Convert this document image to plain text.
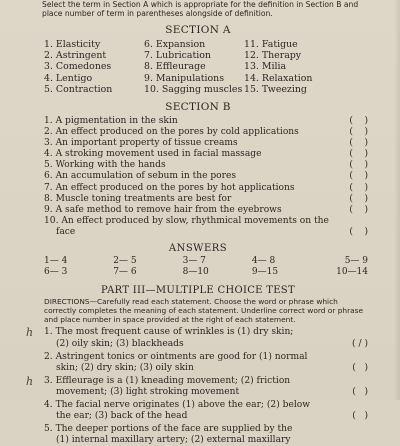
Select the term in Section A which is appropriate for the definition in Section B and place number of term in parentheses alongside of definition.
SECTION A
1. Elasticity	6. Expansion	11. Fatigue
2. Astringent	7. Lubrication	12. Therapy
3. Comedones	8. Effleurage	13. Milia
4. Lentigo	9. Manipulations	14. Relaxation
5. Contraction	10. Sagging muscles 15. Tweezing
SECTION B
1. A pigmentation in the skin	(    )
2. An effect produced on the pores by cold applications	(    )
3. An important property of tissue creams	(    )
4. A stroking movement used in facial massage	(    )
5. Working with the hands	(    )
6. An accumulation of sebum in the pores	(    )
7. An effect produced on the pores by hot applications	(    )
8. Muscle toning treatments are best for	(    )
9. A safe method to remove hair from the eyebrows	(    )
10. An effect produced by slow, rhythmical movements on the
face	(    )
ANSWERS
1— 4	2— 5	3— 7	4— 8	5— 9
6— 3	7— 6	8—10	9—15	10—14
PART III—MULTIPLE CHOICE TEST
DIRECTIONS—Carefully read each statement. Choose the word or phrase which correctly completes the meaning of each statement. Underline correct word or phrase and place number in space provided at the right of each statement.
h 1. The most frequent cause of wrinkles is (1) dry skin;
(2) oily skin; (3) blackheads	( / )
2. Astringent tonics or ointments are good for (1) normal
skin; (2) dry skin; (3) oily skin	(   )
h 3. Effleurage is a (1) kneading movement; (2) friction
movement; (3) light stroking movement	(   )
4. The facial nerve originates (1) above the ear; (2) below
the ear; (3) back of the head	(   )
5. The deeper portions of the face are supplied by the
(1) internal maxillary artery; (2) external maxillary
